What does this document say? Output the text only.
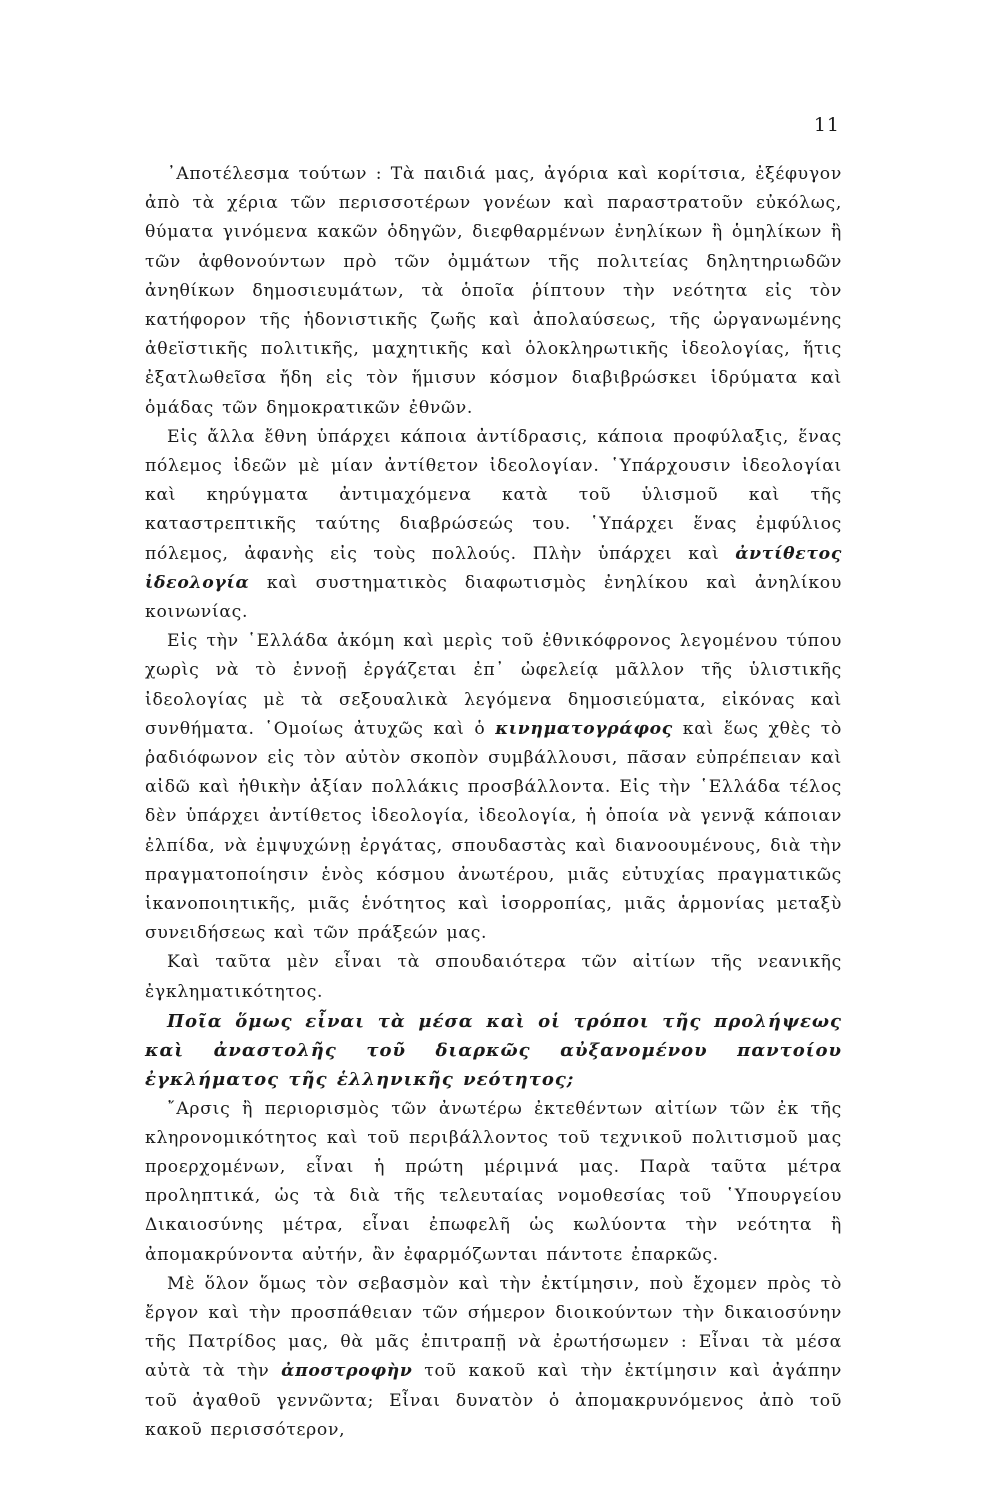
11

᾽Αποτέλεσμα τούτων : Τὰ παιδιά μας, ἀγόρια καὶ κορίτσια, ἐξέφυγον ἀπὸ τὰ χέρια τῶν περισσοτέρων γονέων καὶ παραστρατοῦν εὐκόλως, θύματα γινόμενα κακῶν ὁδηγῶν, διεφθαρμένων ἐνηλίκων ἢ ὁμηλίκων ἢ τῶν ἀφθονούντων πρὸ τῶν ὀμμάτων τῆς πολιτείας δηλητηριωδῶν ἀνηθίκων δημοσιευμάτων, τὰ ὁποῖα ῥίπτουν τὴν νεότητα εἰς τὸν κατήφορον τῆς ἡδονιστικῆς ζωῆς καὶ ἀπολαύσεως, τῆς ὠργανωμένης ἀθεϊστικῆς πολιτικῆς, μαχητικῆς καὶ ὁλοκληρωτικῆς ἰδεολογίας, ἥτις ἐξατλωθεῖσα ἤδη εἰς τὸν ἥμισυν κόσμον διαβιβρώσκει ἱδρύματα καὶ ὁμάδας τῶν δημοκρατικῶν ἐθνῶν.

Εἰς ἄλλα ἔθνη ὑπάρχει κάποια ἀντίδρασις, κάποια προφύλαξις, ἕνας πόλεμος ἰδεῶν μὲ μίαν ἀντίθετον ἰδεολογίαν. ῾Υπάρχουσιν ἰδεολογίαι καὶ κηρύγματα ἀντιμαχόμενα κατὰ τοῦ ὑλισμοῦ καὶ τῆς καταστρεπτικῆς ταύτης διαβρώσεώς του. ῾Υπάρχει ἕνας ἐμφύλιος πόλεμος, ἀφανὴς εἰς τοὺς πολλούς. Πλὴν ὑπάρχει καὶ ἀντίθετος ἰδεολογία καὶ συστηματικὸς διαφωτισμὸς ἐνηλίκου καὶ ἀνηλίκου κοινωνίας.

Εἰς τὴν ῾Ελλάδα ἀκόμη καὶ μερὶς τοῦ ἐθνικόφρονος λεγομένου τύπου χωρὶς νὰ τὸ ἐννοῇ ἐργάζεται ἐπ᾽ ὠφελείᾳ μᾶλλον τῆς ὑλιστικῆς ἰδεολογίας μὲ τὰ σεξουαλικὰ λεγόμενα δημοσιεύματα, εἰκόνας καὶ συνθήματα. ῾Ομοίως ἀτυχῶς καὶ ὁ κινηματογράφος καὶ ἕως χθὲς τὸ ῥαδιόφωνον εἰς τὸν αὐτὸν σκοπὸν συμβάλλουσι, πᾶσαν εὐπρέπειαν καὶ αἰδῶ καὶ ἠθικὴν ἀξίαν πολλάκις προσβάλλοντα. Εἰς τὴν ῾Ελλάδα τέλος δὲν ὑπάρχει ἀντίθετος ἰδεολογία, ἰδεολογία, ἡ ὁποία νὰ γεννᾷ κάποιαν ἐλπίδα, νὰ ἐμψυχώνῃ ἐργάτας, σπουδαστὰς καὶ διανοουμένους, διὰ τὴν πραγματοποίησιν ἑνὸς κόσμου ἀνωτέρου, μιᾶς εὐτυχίας πραγματικῶς ἱκανοποιητικῆς, μιᾶς ἑνότητος καὶ ἰσορροπίας, μιᾶς ἁρμονίας μεταξὺ συνειδήσεως καὶ τῶν πράξεών μας.

Καὶ ταῦτα μὲν εἶναι τὰ σπουδαιότερα τῶν αἰτίων τῆς νεανικῆς ἐγκληματικότητος.

Ποῖα ὅμως εἶναι τὰ μέσα καὶ οἱ τρόποι τῆς προλήψεως καὶ ἀναστολῆς τοῦ διαρκῶς αὐξανομένου παντοίου ἐγκλήματος τῆς ἑλληνικῆς νεότητος;

῎Αρσις ἢ περιορισμὸς τῶν ἀνωτέρω ἐκτεθέντων αἰτίων τῶν ἐκ τῆς κληρονομικότητος καὶ τοῦ περιβάλλοντος τοῦ τεχνικοῦ πολιτισμοῦ μας προερχομένων, εἶναι ἡ πρώτη μέριμνά μας. Παρὰ ταῦτα μέτρα προληπτικά, ὡς τὰ διὰ τῆς τελευταίας νομοθεσίας τοῦ ῾Υπουργείου Δικαιοσύνης μέτρα, εἶναι ἐπωφελῆ ὡς κωλύοντα τὴν νεότητα ἢ ἀπομακρύνοντα αὐτήν, ἂν ἐφαρμόζωνται πάντοτε ἐπαρκῶς.

Μὲ ὅλον ὅμως τὸν σεβασμὸν καὶ τὴν ἐκτίμησιν, ποὺ ἔχομεν πρὸς τὸ ἔργον καὶ τὴν προσπάθειαν τῶν σήμερον διοικούντων τὴν δικαιοσύνην τῆς Πατρίδος μας, θὰ μᾶς ἐπιτραπῇ νὰ ἐρωτήσωμεν : Εἶναι τὰ μέσα αὐτὰ τὰ τὴν ἀποστροφὴν τοῦ κακοῦ καὶ τὴν ἐκτίμησιν καὶ ἀγάπην τοῦ ἀγαθοῦ γεννῶντα; Εἶναι δυνατὸν ὁ ἀπομακρυνόμενος ἀπὸ τοῦ κακοῦ περισσότερον,
